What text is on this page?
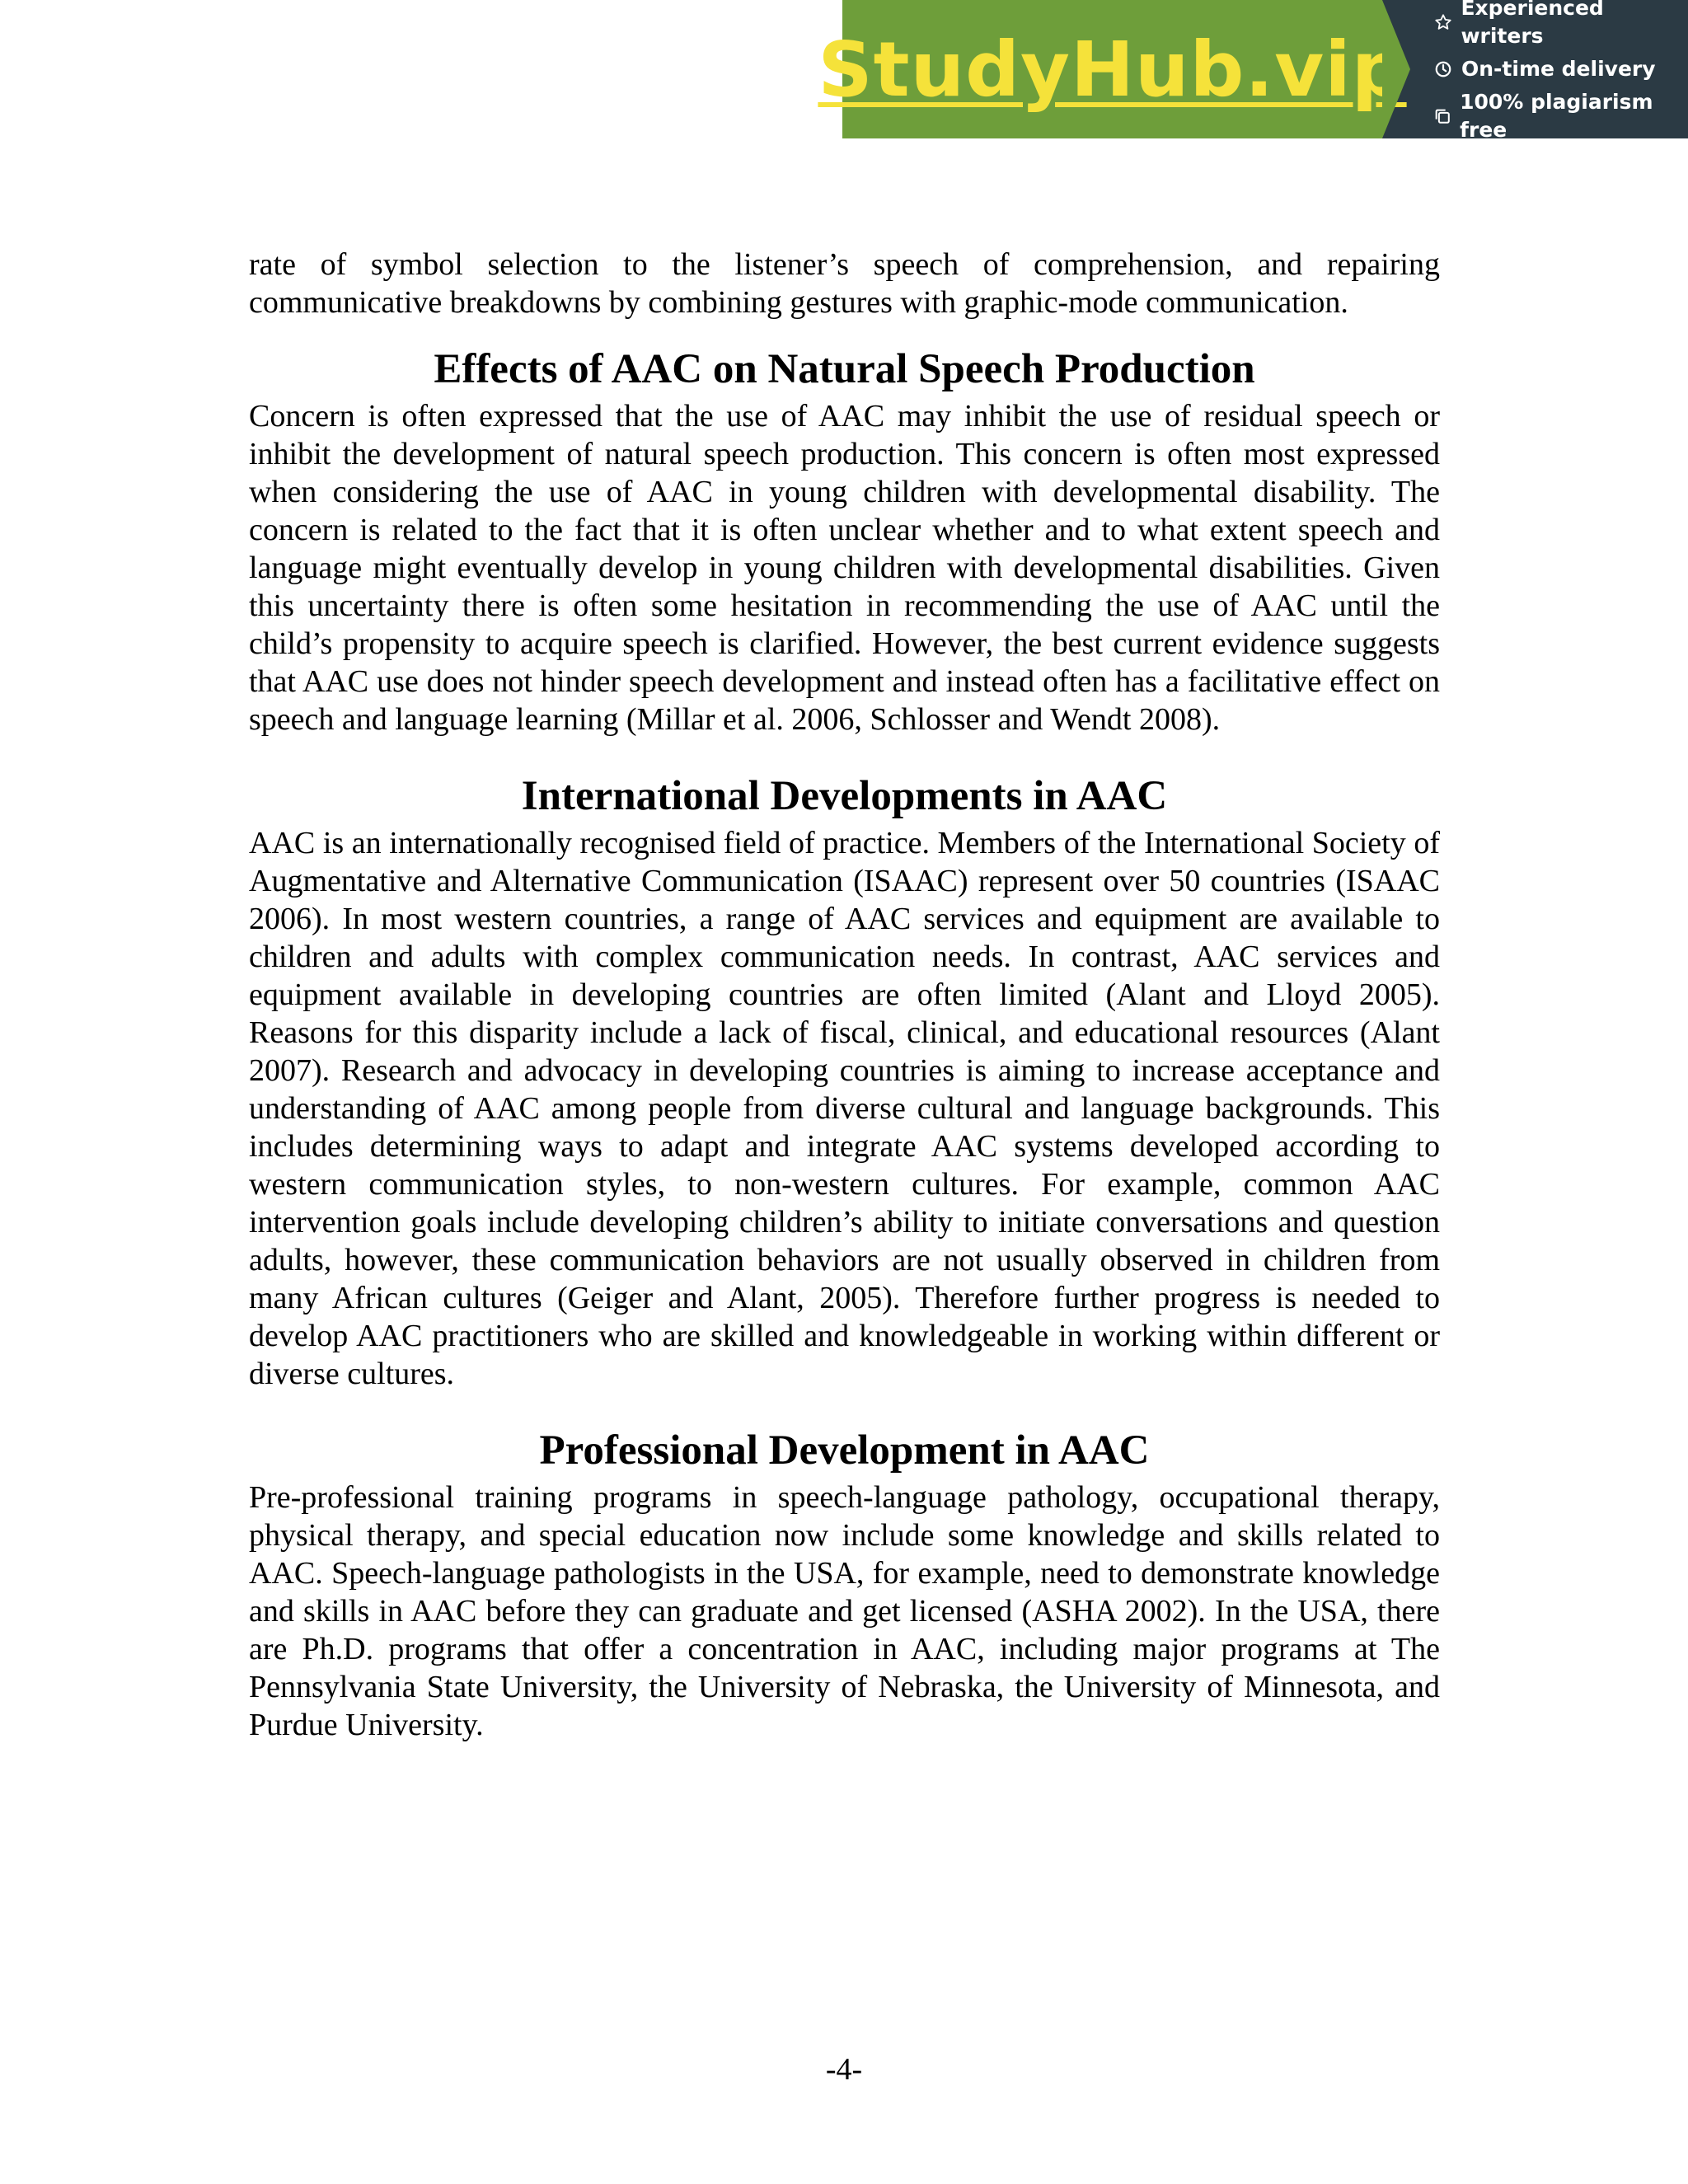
StudyHub.vip
Experienced writers
On-time delivery
100% plagiarism free

rate of symbol selection to the listener’s speech of comprehension, and repairing communicative breakdowns by combining gestures with graphic-mode communication.

Effects of AAC on Natural Speech Production

Concern is often expressed that the use of AAC may inhibit the use of residual speech or inhibit the development of natural speech production. This concern is often most expressed when considering the use of AAC in young children with developmental disability. The concern is related to the fact that it is often unclear whether and to what extent speech and language might eventually develop in young children with developmental disabilities. Given this uncertainty there is often some hesitation in recommending the use of AAC until the child’s propensity to acquire speech is clarified. However, the best current evidence suggests that AAC use does not hinder speech development and instead often has a facilitative effect on speech and language learning (Millar et al. 2006, Schlosser and Wendt 2008).

International Developments in AAC

AAC is an internationally recognised field of practice. Members of the International Society of Augmentative and Alternative Communication (ISAAC) represent over 50 countries (ISAAC 2006). In most western countries, a range of AAC services and equipment are available to children and adults with complex communication needs. In contrast, AAC services and equipment available in developing countries are often limited (Alant and Lloyd 2005). Reasons for this disparity include a lack of fiscal, clinical, and educational resources (Alant 2007). Research and advocacy in developing countries is aiming to increase acceptance and understanding of AAC among people from diverse cultural and language backgrounds. This includes determining ways to adapt and integrate AAC systems developed according to western communication styles, to non-western cultures. For example, common AAC intervention goals include developing children’s ability to initiate conversations and question adults, however, these communication behaviors are not usually observed in children from many African cultures (Geiger and Alant, 2005). Therefore further progress is needed to develop AAC practitioners who are skilled and knowledgeable in working within different or diverse cultures.

Professional Development in AAC

Pre-professional training programs in speech-language pathology, occupational therapy, physical therapy, and special education now include some knowledge and skills related to AAC. Speech-language pathologists in the USA, for example, need to demonstrate knowledge and skills in AAC before they can graduate and get licensed (ASHA 2002). In the USA, there are Ph.D. programs that offer a concentration in AAC, including major programs at The Pennsylvania State University, the University of Nebraska, the University of Minnesota, and Purdue University.

-4-
